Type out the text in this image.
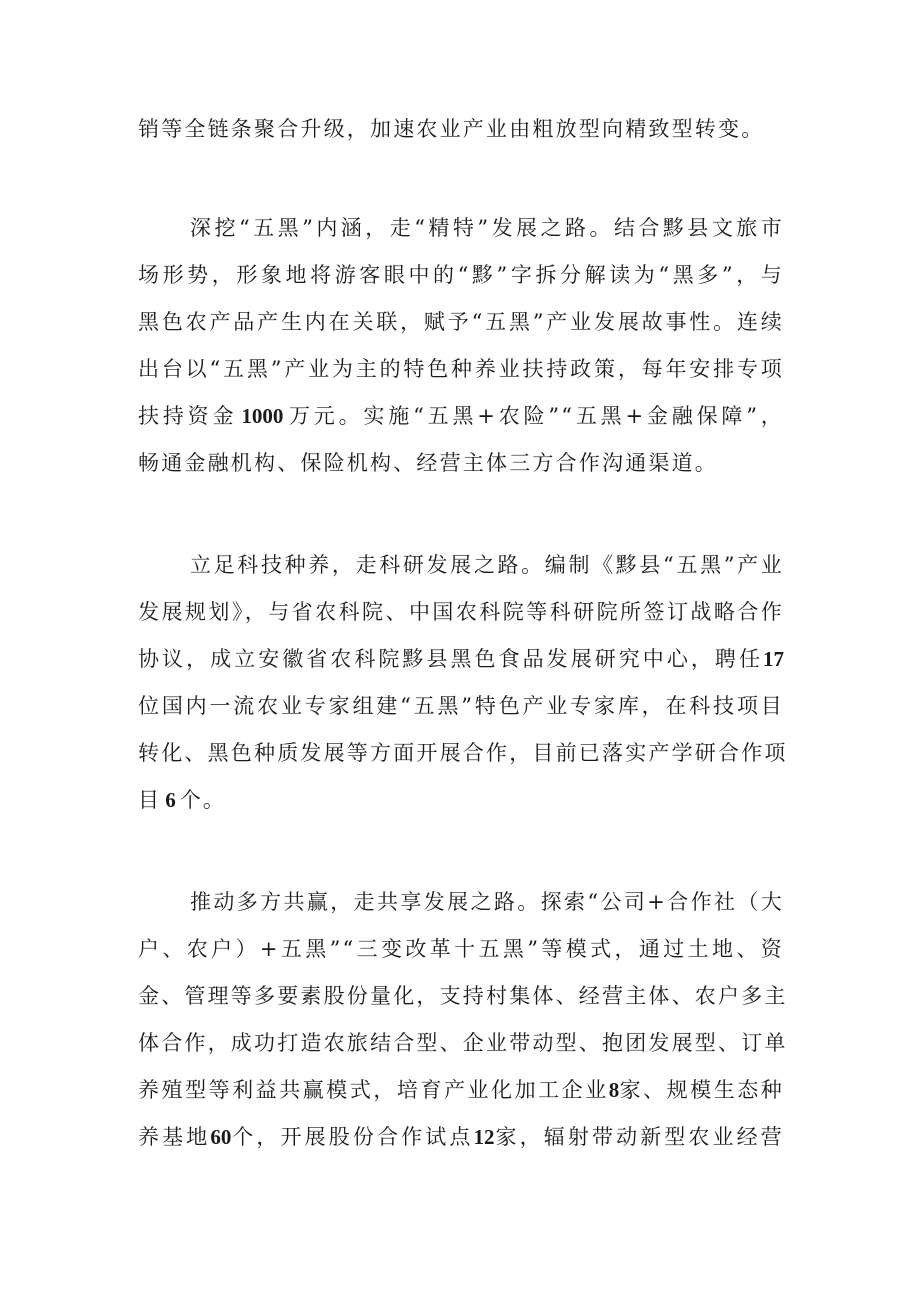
销等全链条聚合升级，加速农业产业由粗放型向精致型转变。
深挖“五黑”内涵，走“精特”发展之路。结合黟县文旅市
场形势，形象地将游客眼中的“黟”字拆分解读为“黑多”，与
黑色农产品产生内在关联，赋予“五黑”产业发展故事性。连续
出台以“五黑”产业为主的特色种养业扶持政策，每年安排专项
扶持资金 1000 万元。实施“五黑+农险”“五黑+金融保障”，
畅通金融机构、保险机构、经营主体三方合作沟通渠道。
立足科技种养，走科研发展之路。编制《黟县“五黑”产业
发展规划》，与省农科院、中国农科院等科研院所签订战略合作
协议，成立安徽省农科院黟县黑色食品发展研究中心，聘任17
位国内一流农业专家组建“五黑”特色产业专家库，在科技项目
转化、黑色种质发展等方面开展合作，目前已落实产学研合作项
目 6 个。
推动多方共赢，走共享发展之路。探索“公司+合作社（大
户、农户）+五黑”“三变改革十五黑”等模式，通过土地、资
金、管理等多要素股份量化，支持村集体、经营主体、农户多主
体合作，成功打造农旅结合型、企业带动型、抱团发展型、订单
养殖型等利益共赢模式，培育产业化加工企业8家、规模生态种
养基地60个，开展股份合作试点12家，辐射带动新型农业经营
